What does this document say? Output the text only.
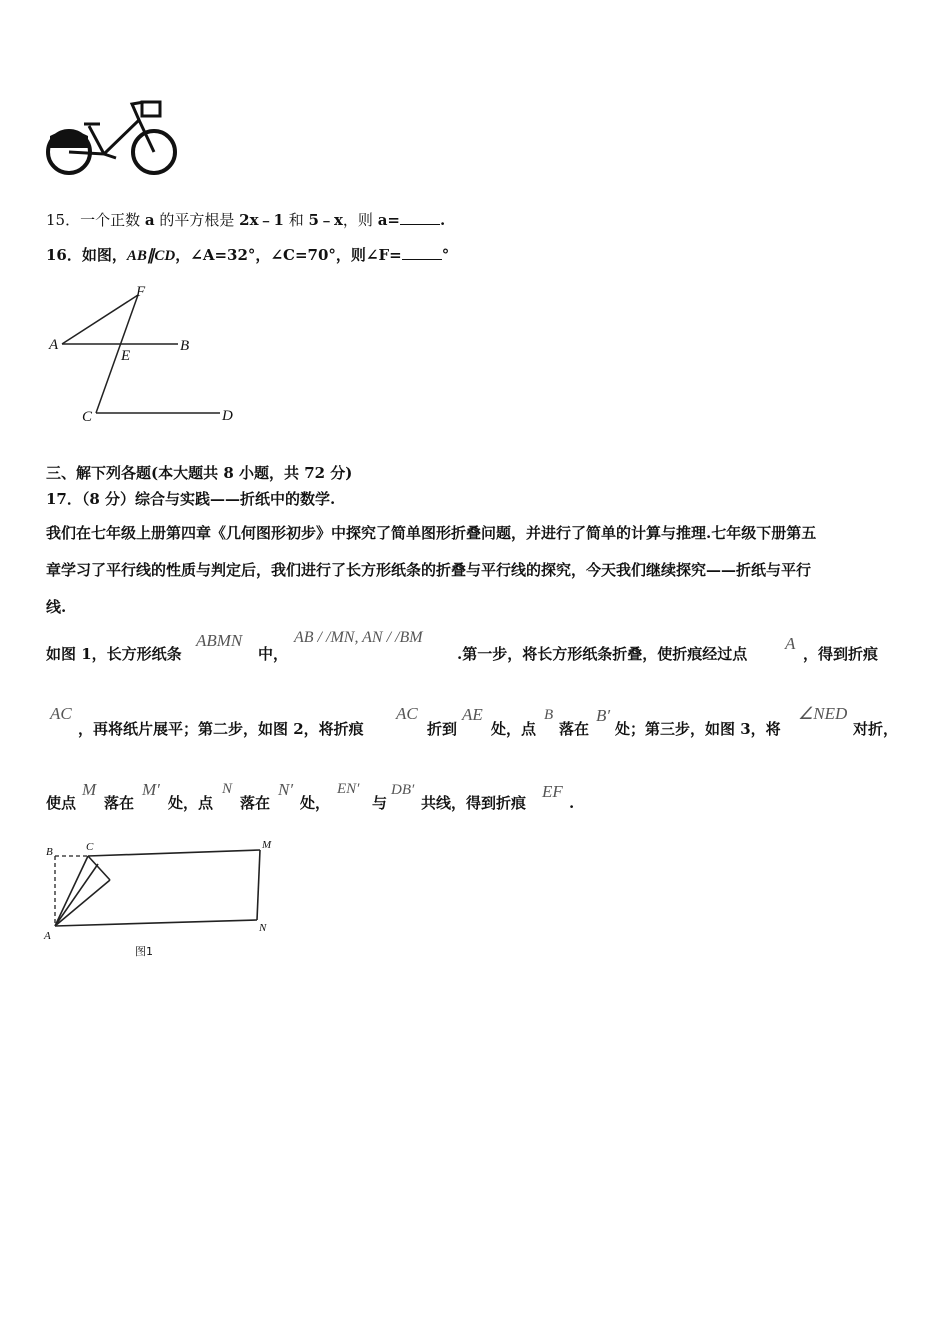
15．一个正数 a 的平方根是 2x﹣1 和 5﹣x，则 a=	.
16．如图，AB∥CD，∠A=32°，∠C=70°，则∠F=	°
F
A
E
B
C	D
三、解下列各题(本大题共 8 小题，共 72 分)
17．（8 分）综合与实践——折纸中的数学.
我们在七年级上册第四章《几何图形初步》中探究了简单图形折叠问题，并进行了简单的计算与推理.七年级下册第五
章学习了平行线的性质与判定后，我们进行了长方形纸条的折叠与平行线的探究，今天我们继续探究——折纸与平行
线.
如图 1，长方形纸条
ABMN
中，
AB / /MN, AN / /BM
.第一步，将长方形纸条折叠，使折痕经过点
A
，得到折痕
AC
，再将纸片展平；第二步，如图 2，将折痕
AC
折到
AE
处，点
B
落在
B′
处；第三步，如图 3，将
∠NED
对折，
使点
M
落在
M′
处，点
N
落在
N′
处，
EN′
与
DB′
共线，得到折痕
EF
.
B	C	M
A
N
图1
